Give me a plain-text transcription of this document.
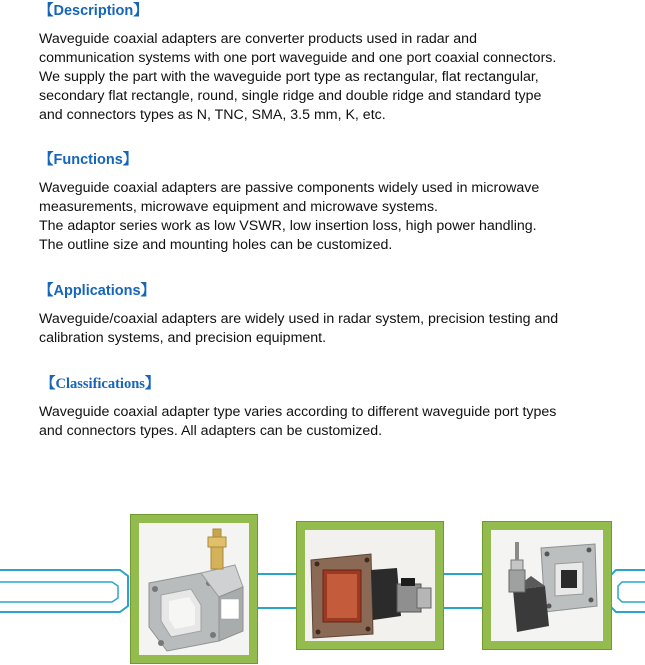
【Description】

Waveguide coaxial adapters are converter products used in radar and

communication systems with one port waveguide and one port coaxial connectors.

We supply the part with the waveguide port type as rectangular, flat rectangular,

secondary flat rectangle, round, single ridge and double ridge and standard type

and connectors types as N, TNC, SMA, 3.5 mm, K, etc.

【Functions】

Waveguide coaxial adapters are passive components widely used in microwave

measurements, microwave equipment and microwave systems.

The adaptor series work as low VSWR, low insertion loss, high power handling.

The outline size and mounting holes can be customized.

【Applications】

Waveguide/coaxial adapters are widely used in radar system, precision testing and

calibration systems, and precision equipment.

【Classifications】

Waveguide coaxial adapter type varies according to different waveguide port types

and connectors types. All adapters can be customized.
